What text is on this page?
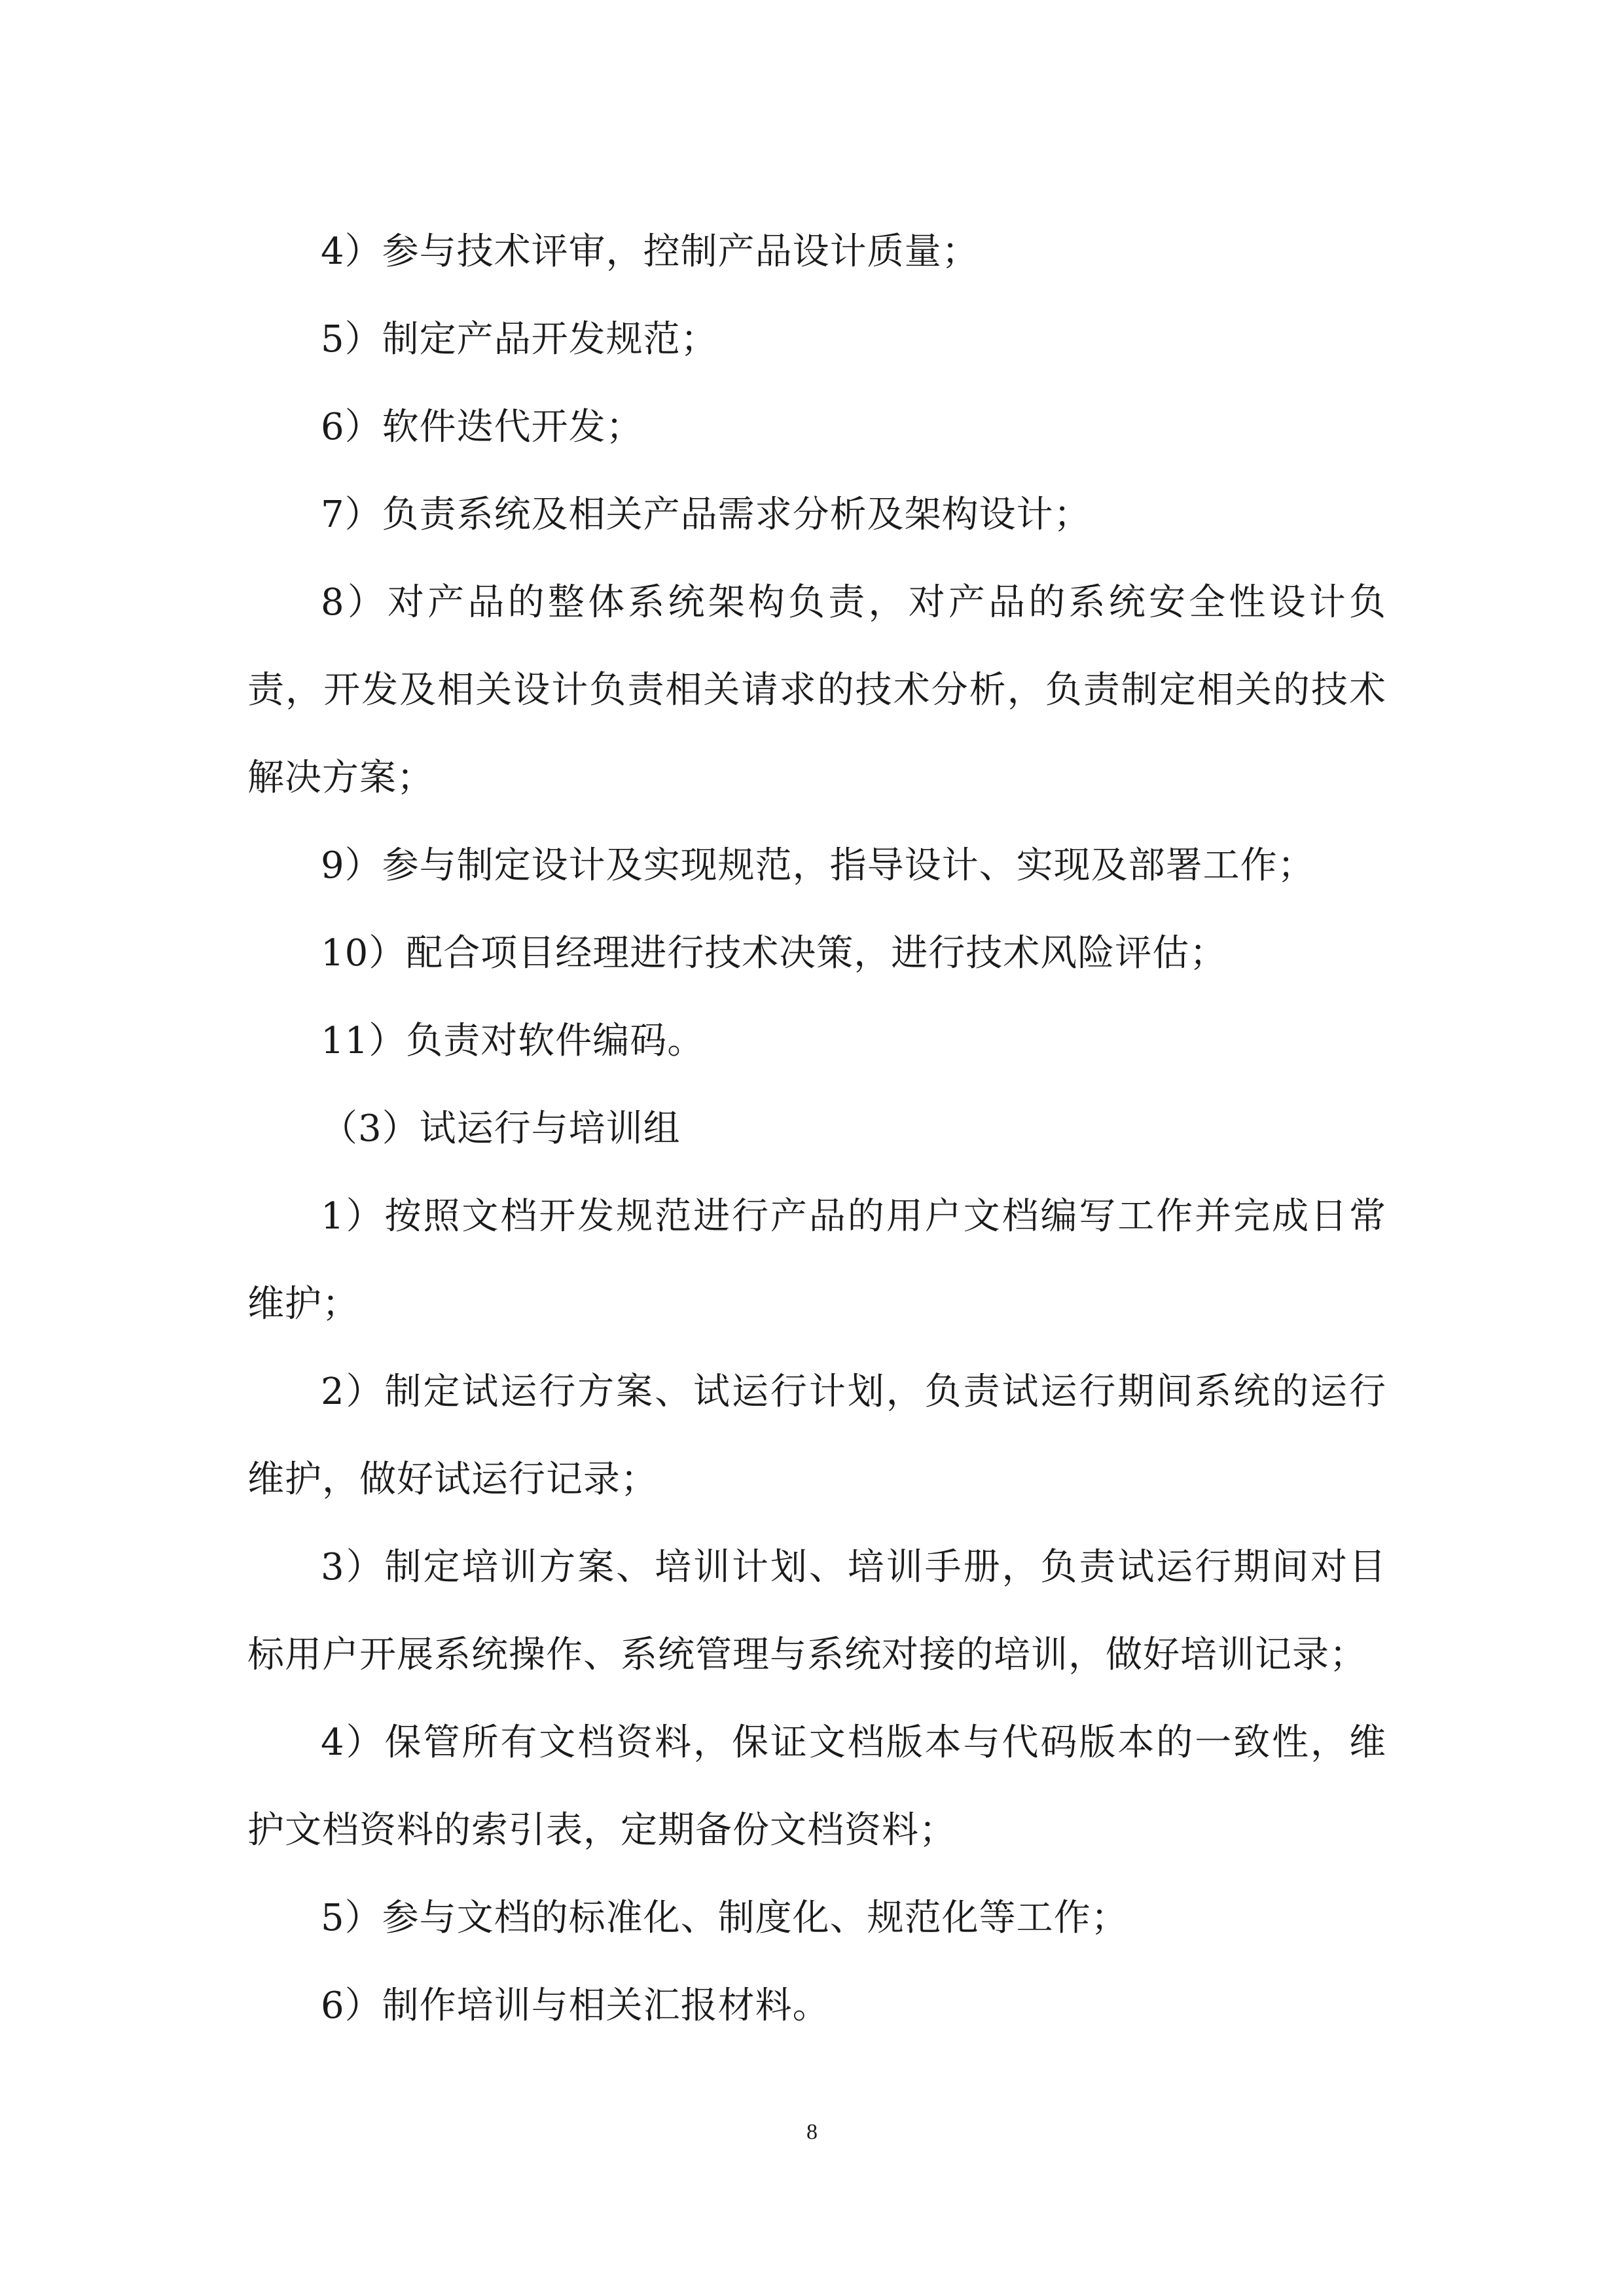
4）参与技术评审，控制产品设计质量；

5）制定产品开发规范；

6）软件迭代开发；

7）负责系统及相关产品需求分析及架构设计；

8）对产品的整体系统架构负责，对产品的系统安全性设计负责，开发及相关设计负责相关请求的技术分析，负责制定相关的技术解决方案；

9）参与制定设计及实现规范，指导设计、实现及部署工作；

10）配合项目经理进行技术决策，进行技术风险评估；

11）负责对软件编码。

（3）试运行与培训组

1）按照文档开发规范进行产品的用户文档编写工作并完成日常维护；

2）制定试运行方案、试运行计划，负责试运行期间系统的运行维护，做好试运行记录；

3）制定培训方案、培训计划、培训手册，负责试运行期间对目标用户开展系统操作、系统管理与系统对接的培训，做好培训记录；

4）保管所有文档资料，保证文档版本与代码版本的一致性，维护文档资料的索引表，定期备份文档资料；

5）参与文档的标准化、制度化、规范化等工作；

6）制作培训与相关汇报材料。

8
